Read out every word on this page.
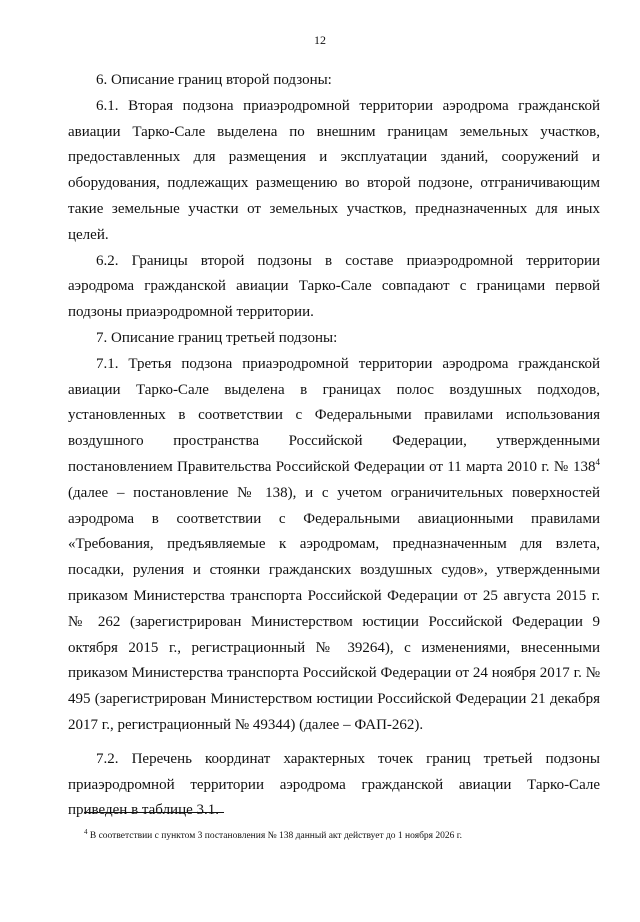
12

6. Описание границ второй подзоны:

6.1. Вторая подзона приаэродромной территории аэродрома гражданской авиации Тарко-Сале выделена по внешним границам земельных участков, предоставленных для размещения и эксплуатации зданий, сооружений и оборудования, подлежащих размещению во второй подзоне, отграничивающим такие земельные участки от земельных участков, предназначенных для иных целей.

6.2. Границы второй подзоны в составе приаэродромной территории аэродрома гражданской авиации Тарко-Сале совпадают с границами первой подзоны приаэродромной территории.

7. Описание границ третьей подзоны:

7.1. Третья подзона приаэродромной территории аэродрома гражданской авиации Тарко-Сале выделена в границах полос воздушных подходов, установленных в соответствии с Федеральными правилами использования воздушного пространства Российской Федерации, утвержденными постановлением Правительства Российской Федерации от 11 марта 2010 г. № 138$^4$ (далее – постановление № 138), и с учетом ограничительных поверхностей аэродрома в соответствии с Федеральными авиационными правилами «Требования, предъявляемые к аэродромам, предназначенным для взлета, посадки, руления и стоянки гражданских воздушных судов», утвержденными приказом Министерства транспорта Российской Федерации от 25 августа 2015 г. № 262 (зарегистрирован Министерством юстиции Российской Федерации 9 октября 2015 г., регистрационный № 39264), с изменениями, внесенными приказом Министерства транспорта Российской Федерации от 24 ноября 2017 г. № 495 (зарегистрирован Министерством юстиции Российской Федерации 21 декабря 2017 г., регистрационный № 49344) (далее – ФАП-262).

7.2. Перечень координат характерных точек границ третьей подзоны приаэродромной территории аэродрома гражданской авиации Тарко-Сале приведен в таблице 3.1.

$^4$ В соответствии с пунктом 3 постановления № 138 данный акт действует до 1 ноября 2026 г.
